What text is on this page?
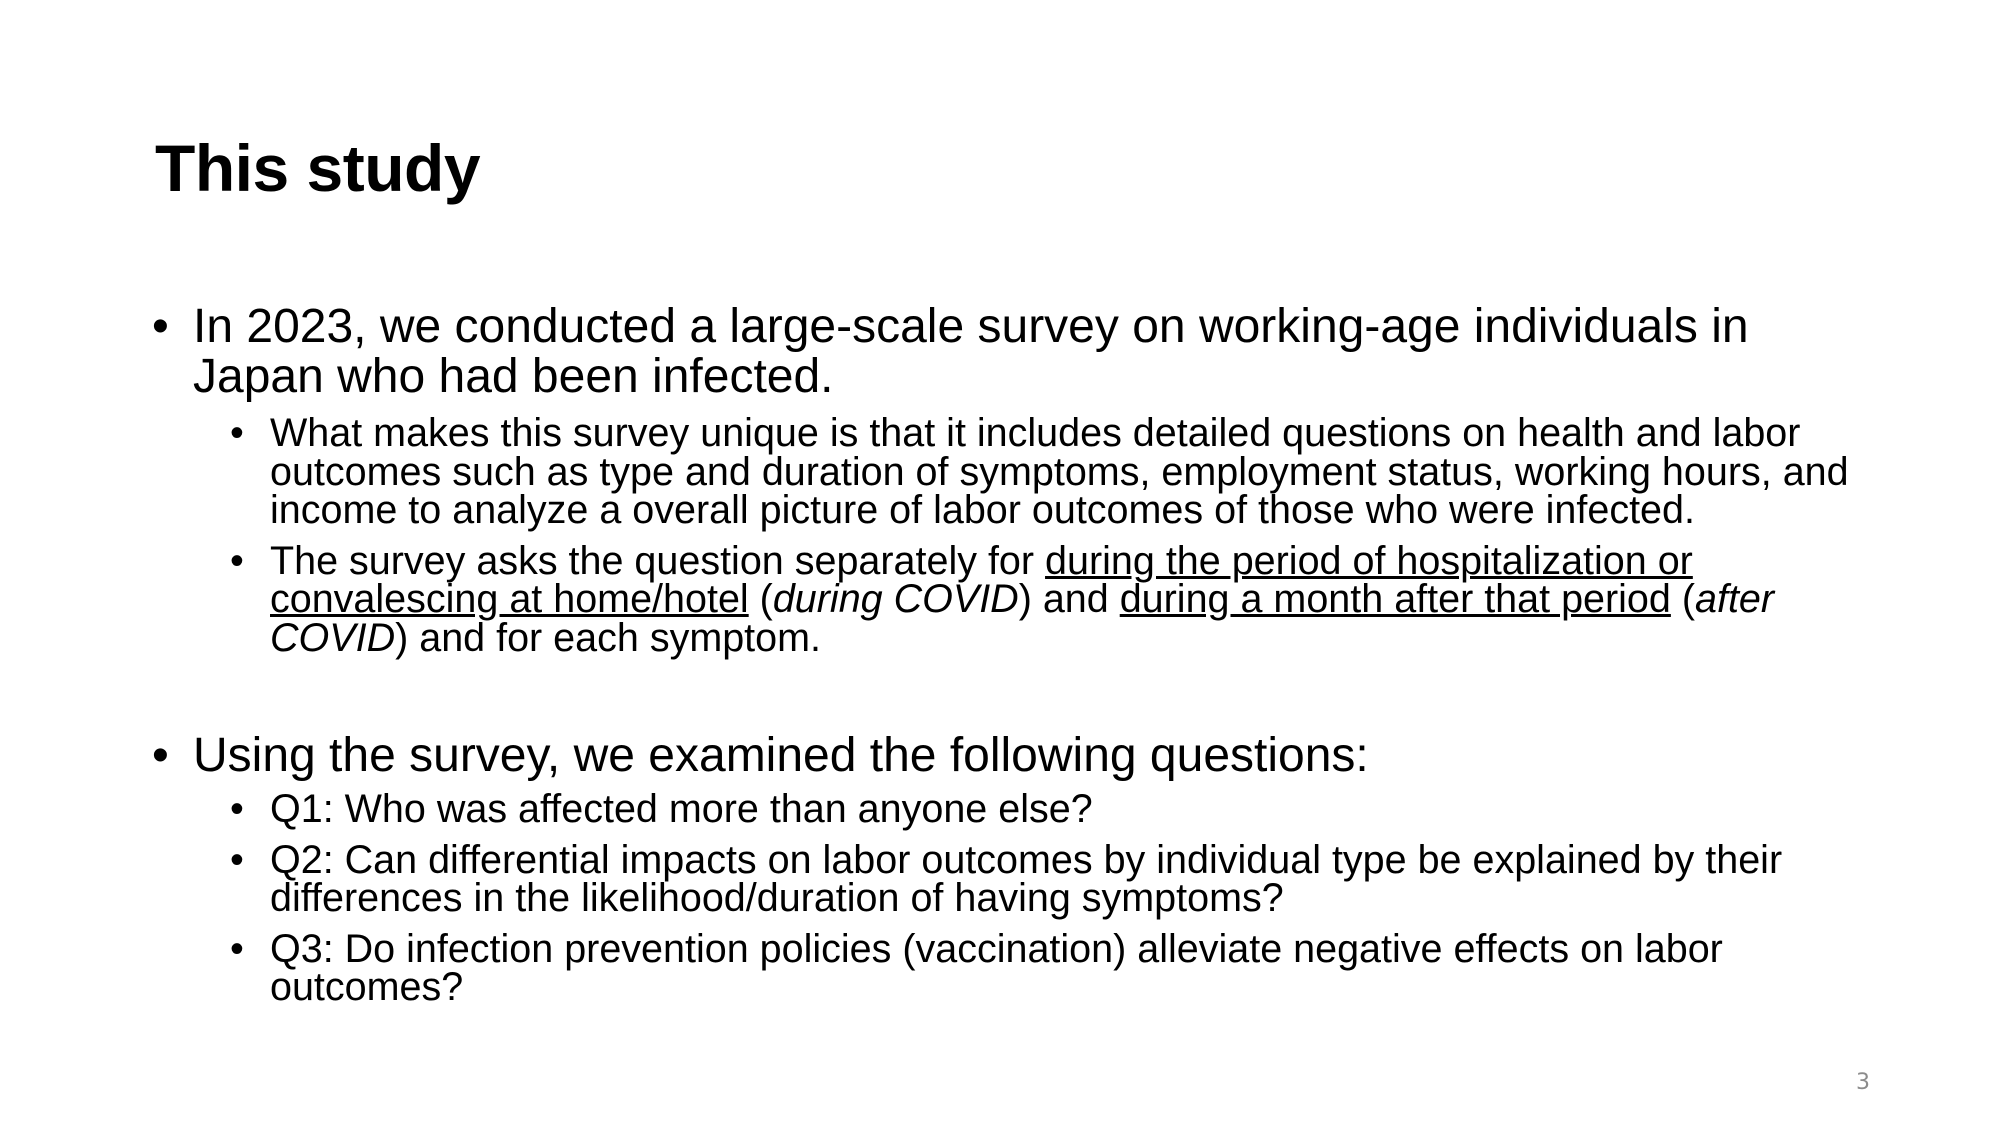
This study
• In 2023, we conducted a large-scale survey on working-age individuals in Japan who had been infected.
• What makes this survey unique is that it includes detailed questions on health and labor outcomes such as type and duration of symptoms, employment status, working hours, and income to analyze a overall picture of labor outcomes of those who were infected.
• The survey asks the question separately for during the period of hospitalization or convalescing at home/hotel (during COVID) and during a month after that period (after COVID) and for each symptom.
• Using the survey, we examined the following questions:
• Q1: Who was affected more than anyone else?
• Q2: Can differential impacts on labor outcomes by individual type be explained by their differences in the likelihood/duration of having symptoms?
• Q3: Do infection prevention policies (vaccination) alleviate negative effects on labor outcomes?
3
